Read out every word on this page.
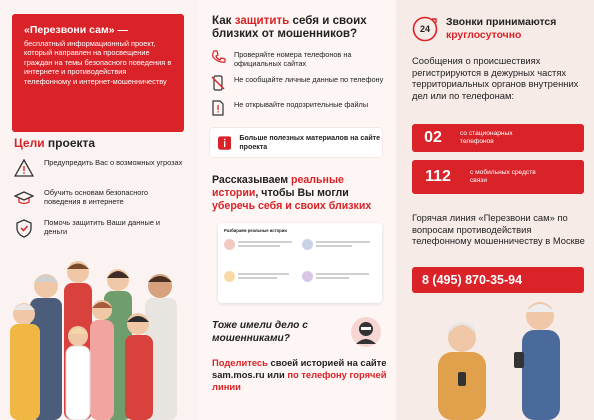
«Перезвони сам» —
бесплатный информационный проект, который направлен на просвещение граждан на темы безопасного поведения в интернете и противодействия телефонному и интернет-мошенничеству
Цели проекта
Предупредить Вас о возможных угрозах
Обучить основам безопасного поведения в интернете
Помочь защитить Ваши данные и деньги
Как защитить себя и своих близких от мошенников?
Проверяйте номера телефонов на официальных сайтах
Не сообщайте личные данные по телефону
Не открывайте подозрительные файлы
Больше полезных материалов на сайте проекта
Рассказываем реальные истории, чтобы Вы могли уберечь себя и своих близких
Разбираем реальные истории
Тоже имели дело с мошенниками?
Поделитесь своей историей на сайте sam.mos.ru или по телефону горячей линии
24
Звонки принимаются круглосуточно
Сообщения о происшествиях регистрируются в дежурных частях территориальных органов внутренних дел или по телефонам:
02	со стационарных телефонов
112	с мобильных средств связи
Горячая линия «Перезвони сам» по вопросам противодействия телефонному мошенничеству в Москве
8 (495) 870-35-94
